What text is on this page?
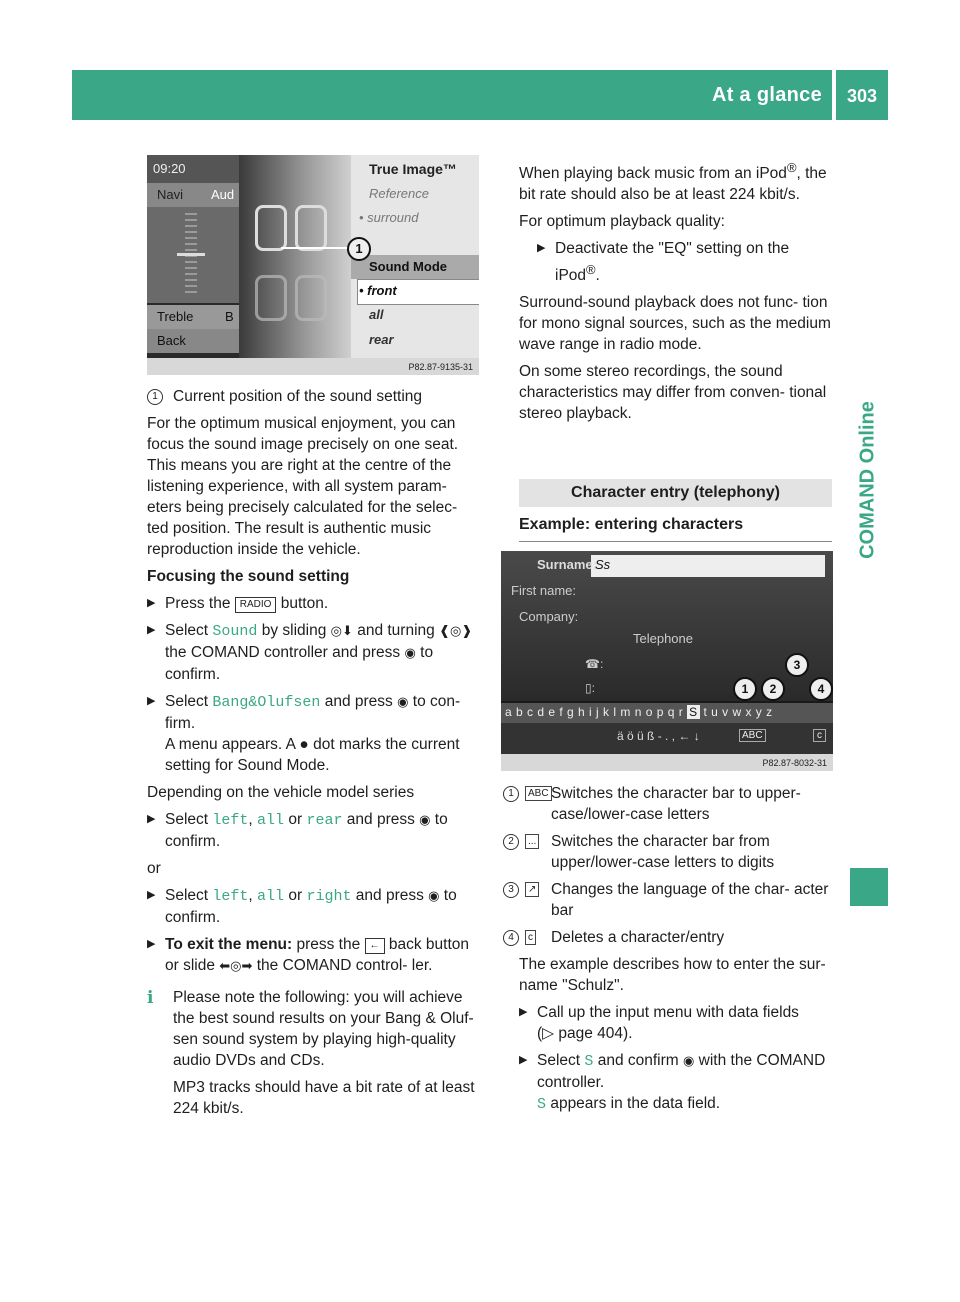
At a glance	303
COMAND Online
09:20
Navi Aud
Treble B
Back
True Image™
Reference
• surround
Sound Mode
• front
all
rear
1
P82.87-9135-31
1 Current position of the sound setting

For the optimum musical enjoyment, you can focus the sound image precisely on one seat. This means you are right at the centre of the listening experience, with all system param- eters being precisely calculated for the selec- ted position. The result is authentic music reproduction inside the vehicle.

Focusing the sound setting

▶ Press the RADIO button.
▶ Select Sound by sliding ◎⬇ and turning ❰◎❱ the COMAND controller and press ◉ to confirm.
▶ Select Bang&Olufsen and press ◉ to con- firm.
A menu appears. A ● dot marks the current setting for Sound Mode.

Depending on the vehicle model series

▶ Select left, all or rear and press ◉ to confirm.

or

▶ Select left, all or right and press ◉ to confirm.
▶ To exit the menu: press the ← back button or slide ⬅◎➡ the COMAND control- ler.
i Please note the following: you will achieve the best sound results on your Bang & Oluf- sen sound system by playing high-quality audio DVDs and CDs.

MP3 tracks should have a bit rate of at least 224 kbit/s.

When playing back music from an iPod®, the bit rate should also be at least 224 kbit/s.

For optimum playback quality:

▶ Deactivate the "EQ" setting on the iPod®.

Surround-sound playback does not func- tion for mono signal sources, such as the medium wave range in radio mode.

On some stereo recordings, the sound characteristics may differ from conven- tional stereo playback.

Character entry (telephony)
Example: entering characters
Surname:
Ss
First name:
Company:
Telephone
☎:
▯:
a b c d e f g h i j k l m n o p q r S t u v w x y z
ä ö ü ß - . , ← ↓	ABC	c
1	2
3
4
P82.87-8032-31
1	ABC Switches the character bar to upper- case/lower-case letters
2	... Switches the character bar from upper/lower-case letters to digits
3	↗ Changes the language of the char- acter bar
4	c Deletes a character/entry

The example describes how to enter the sur- name "Schulz".

▶ Call up the input menu with data fields
(▷ page 404).
▶ Select S and confirm ◉ with the COMAND controller.
S appears in the data field.
